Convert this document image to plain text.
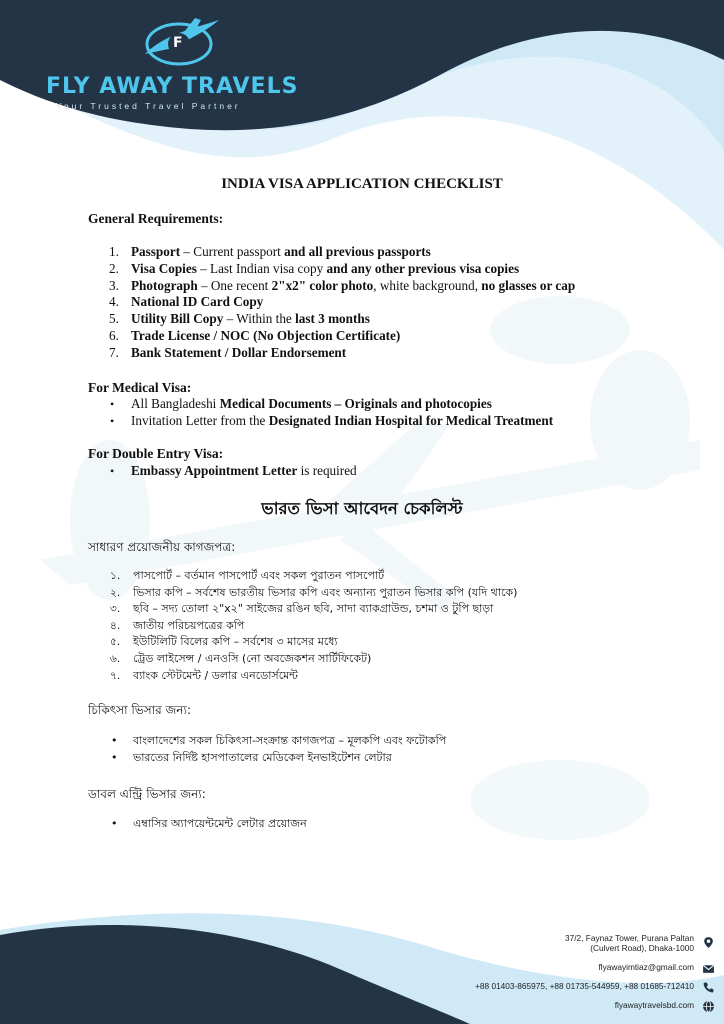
F
FLY AWAY TRAVELS
Your Trusted Travel Partner
INDIA VISA APPLICATION CHECKLIST
General Requirements:
1. Passport – Current passport and all previous passports
2. Visa Copies – Last Indian visa copy and any other previous visa copies
3. Photograph – One recent 2"x2" color photo, white background, no glasses or cap
4. National ID Card Copy
5. Utility Bill Copy – Within the last 3 months
6. Trade License / NOC (No Objection Certificate)
7. Bank Statement / Dollar Endorsement
For Medical Visa:
• All Bangladeshi Medical Documents – Originals and photocopies
• Invitation Letter from the Designated Indian Hospital for Medical Treatment
For Double Entry Visa:
• Embassy Appointment Letter is required
ভারত ভিসা আবেদন চেকলিস্ট
সাধারণ প্রয়োজনীয় কাগজপত্র:
১. পাসপোর্ট – বর্তমান পাসপোর্ট এবং সকল পুরাতন পাসপোর্ট
২. ভিসার কপি – সর্বশেষ ভারতীয় ভিসার কপি এবং অন্যান্য পুরাতন ভিসার কপি (যদি থাকে)
৩. ছবি – সদ্য তোলা ২"x২" সাইজের রঙিন ছবি, সাদা ব্যাকগ্রাউন্ড, চশমা ও টুপি ছাড়া
৪. জাতীয় পরিচয়পত্রের কপি
৫. ইউটিলিটি বিলের কপি – সর্বশেষ ৩ মাসের মধ্যে
৬. ট্রেড লাইসেন্স / এনওসি (নো অবজেকশন সার্টিফিকেট)
৭. ব্যাংক স্টেটমেন্ট / ডলার এনডোর্সমেন্ট
চিকিৎসা ভিসার জন্য:
• বাংলাদেশের সকল চিকিৎসা-সংক্রান্ত কাগজপত্র – মূলকপি এবং ফটোকপি
• ভারতের নির্দিষ্ট হাসপাতালের মেডিকেল ইনভাইটেশন লেটার
ডাবল এন্ট্রি ভিসার জন্য:
• এম্বাসির অ্যাপয়েন্টমেন্ট লেটার প্রয়োজন
37/2, Faynaz Tower, Purana Paltan
(Culvert Road), Dhaka-1000
flyawayimtiaz@gmail.com
+88 01403-865975, +88 01735-544959, +88 01685-712410
flyawaytravelsbd.com
